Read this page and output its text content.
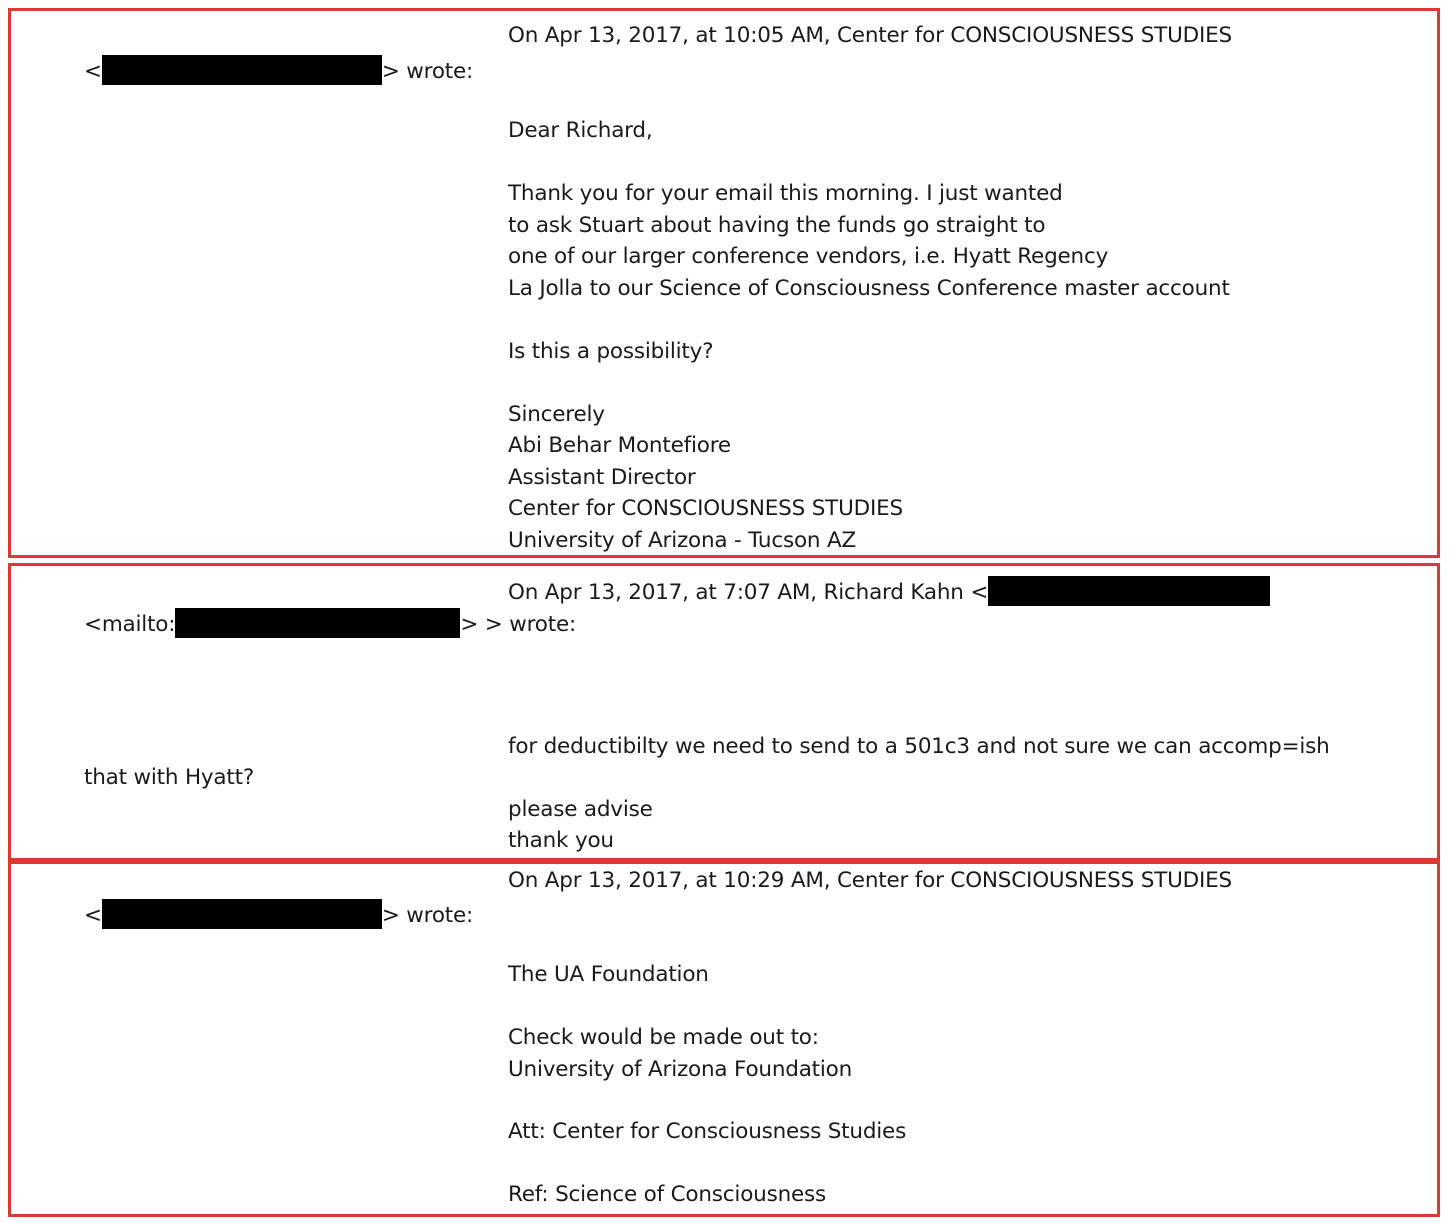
On Apr 13, 2017, at 10:05 AM, Center for CONSCIOUSNESS STUDIES
<	> wrote:
Dear Richard,
Thank you for your email this morning. I just wanted
to ask Stuart about having the funds go straight to
one of our larger conference vendors, i.e. Hyatt Regency
La Jolla to our Science of Consciousness Conference master account
Is this a possibility?
Sincerely
Abi Behar Montefiore
Assistant Director
Center for CONSCIOUSNESS STUDIES
University of Arizona - Tucson AZ
On Apr 13, 2017, at 7:07 AM, Richard Kahn <
<mailto:	> > wrote:
for deductibilty we need to send to a 501c3 and not sure we can accomp=ish
that with Hyatt?
please advise
thank you
On Apr 13, 2017, at 10:29 AM, Center for CONSCIOUSNESS STUDIES
<	> wrote:
The UA Foundation
Check would be made out to:
University of Arizona Foundation
Att: Center for Consciousness Studies
Ref: Science of Consciousness
